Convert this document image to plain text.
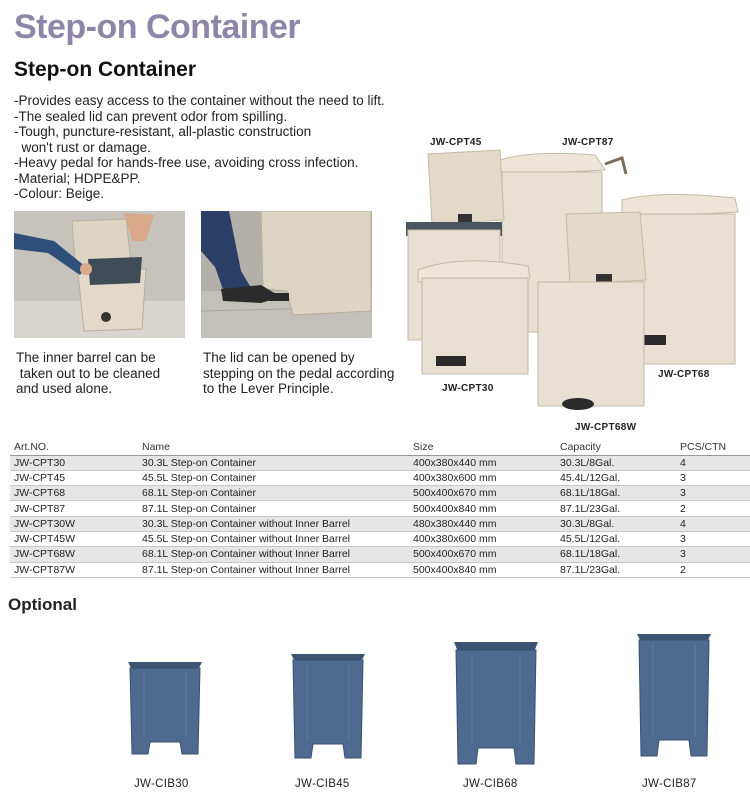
Step-on Container
Step-on Container
-Provides easy access to the container without the need to lift.
-The sealed lid can prevent odor from spilling.
-Tough, puncture-resistant, all-plastic construction
won't rust or damage.
-Heavy pedal for hands-free use, avoiding cross infection.
-Material; HDPE&PP.
-Colour: Beige.
The inner barrel can be
taken out to be cleaned
and used alone.
The lid can be opened by
stepping on the pedal according
to the Lever Principle.
JW-CPT45	JW-CPT87
JW-CPT30
JW-CPT68
JW-CPT68W
Art.NO.	Name	Size	Capacity	PCS/CTN
JW-CPT30	30.3L Step-on Container	400x380x440 mm	30.3L/8Gal.	4
JW-CPT45	45.5L Step-on Container	400x380x600 mm	45.4L/12Gal.	3
JW-CPT68	68.1L Step-on Container	500x400x670 mm	68.1L/18Gal.	3
JW-CPT87	87.1L Step-on Container	500x400x840 mm	87.1L/23Gal.	2
JW-CPT30W	30.3L Step-on Container without Inner Barrel	480x380x440 mm	30.3L/8Gal.	4
JW-CPT45W	45.5L Step-on Container without Inner Barrel	400x380x600 mm	45.5L/12Gal.	3
JW-CPT68W	68.1L Step-on Container without Inner Barrel	500x400x670 mm	68.1L/18Gal.	3
JW-CPT87W	87.1L Step-on Container without Inner Barrel	500x400x840 mm	87.1L/23Gal.	2
Optional
JW-CIB30	JW-CIB45	JW-CIB68	JW-CIB87
